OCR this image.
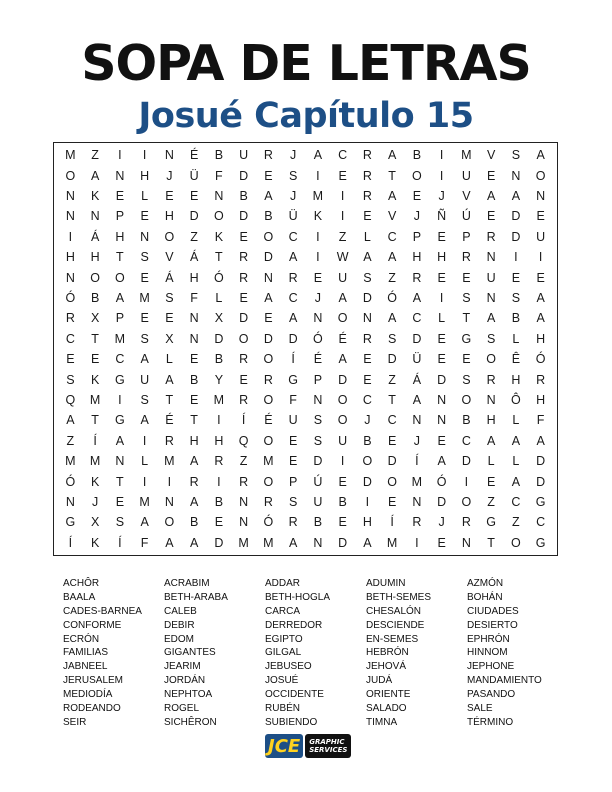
SOPA DE LETRAS
Josué Capítulo 15
M	Z	I	I	N	É	B	U	R	J	A	C	R	A	B	I	M	V	S	A
O	A	N	H	J	Ü	F	D	E	S	I	E	R	T	O	I	U	E	N	O
N	K	E	L	E	E	N	B	A	J	M	I	R	A	E	J	V	A	A	N
N	N	P	E	H	D	O	D	B	Ü	K	I	E	V	J	Ñ	Ú	E	D	E
I	Á	H	N	O	Z	K	E	O	C	I	Z	L	C	P	E	P	R	D	U
H	H	T	S	V	Á	T	R	D	A	I	W	A	A	H	H	R	N	I	I
N	O	O	E	Á	H	Ó	R	N	R	E	U	S	Z	R	E	E	U	E	E
Ó	B	A	M	S	F	L	E	A	C	J	A	D	Ó	A	I	S	N	S	A
R	X	P	E	E	N	X	D	E	A	N	O	N	A	C	L	T	A	B	A
C	T	M	S	X	N	D	O	D	D	Ó	É	R	S	D	E	G	S	L	H
E	E	C	A	L	E	B	R	O	Í	É	A	E	D	Ü	E	E	O	Ê	Ó
S	K	G	U	A	B	Y	E	R	G	P	D	E	Z	Á	D	S	R	H	R
Q	M	I	S	T	E	M	R	O	F	N	O	C	T	A	N	O	N	Ô	H
A	T	G	A	É	T	I	Í	É	U	S	O	J	C	N	N	B	H	L	F
Z	Í	A	I	R	H	H	Q	O	E	S	U	B	E	J	E	C	A	A	A
M	M	N	L	M	A	R	Z	M	E	D	I	O	D	Í	A	D	L	L	D
Ó	K	T	I	I	R	I	R	O	P	Ú	E	D	O	M	Ó	I	E	A	D
N	J	E	M	N	A	B	N	R	S	U	B	I	E	N	D	O	Z	C	G
G	X	S	A	O	B	E	N	Ó	R	B	E	H	Í	R	J	R	G	Z	C
Í	K	Í	F	A	A	D	M	M	A	N	D	A	M	I	E	N	T	O	G
ACHÔR	ACRABIM	ADDAR	ADUMIN	AZMÓN
BAALA	BETH-ARABA	BETH-HOGLA	BETH-SEMES	BOHÁN
CADES-BARNEA	CALEB	CARCA	CHESALÓN	CIUDADES
CONFORME	DEBIR	DERREDOR	DESCIENDE	DESIERTO
ECRÓN	EDOM	EGIPTO	EN-SEMES	EPHRÓN
FAMILIAS	GIGANTES	GILGAL	HEBRÓN	HINNOM
JABNEEL	JEARIM	JEBUSEO	JEHOVÁ	JEPHONE
JERUSALEM	JORDÁN	JOSUÉ	JUDÁ	MANDAMIENTO
MEDIODÍA	NEPHTOA	OCCIDENTE	ORIENTE	PASANDO
RODEANDO	ROGEL	RUBÉN	SALADO	SALE
SEIR	SICHÊRON	SUBIENDO	TIMNA	TÉRMINO
JCE	GRAPHIC
SERVICES
